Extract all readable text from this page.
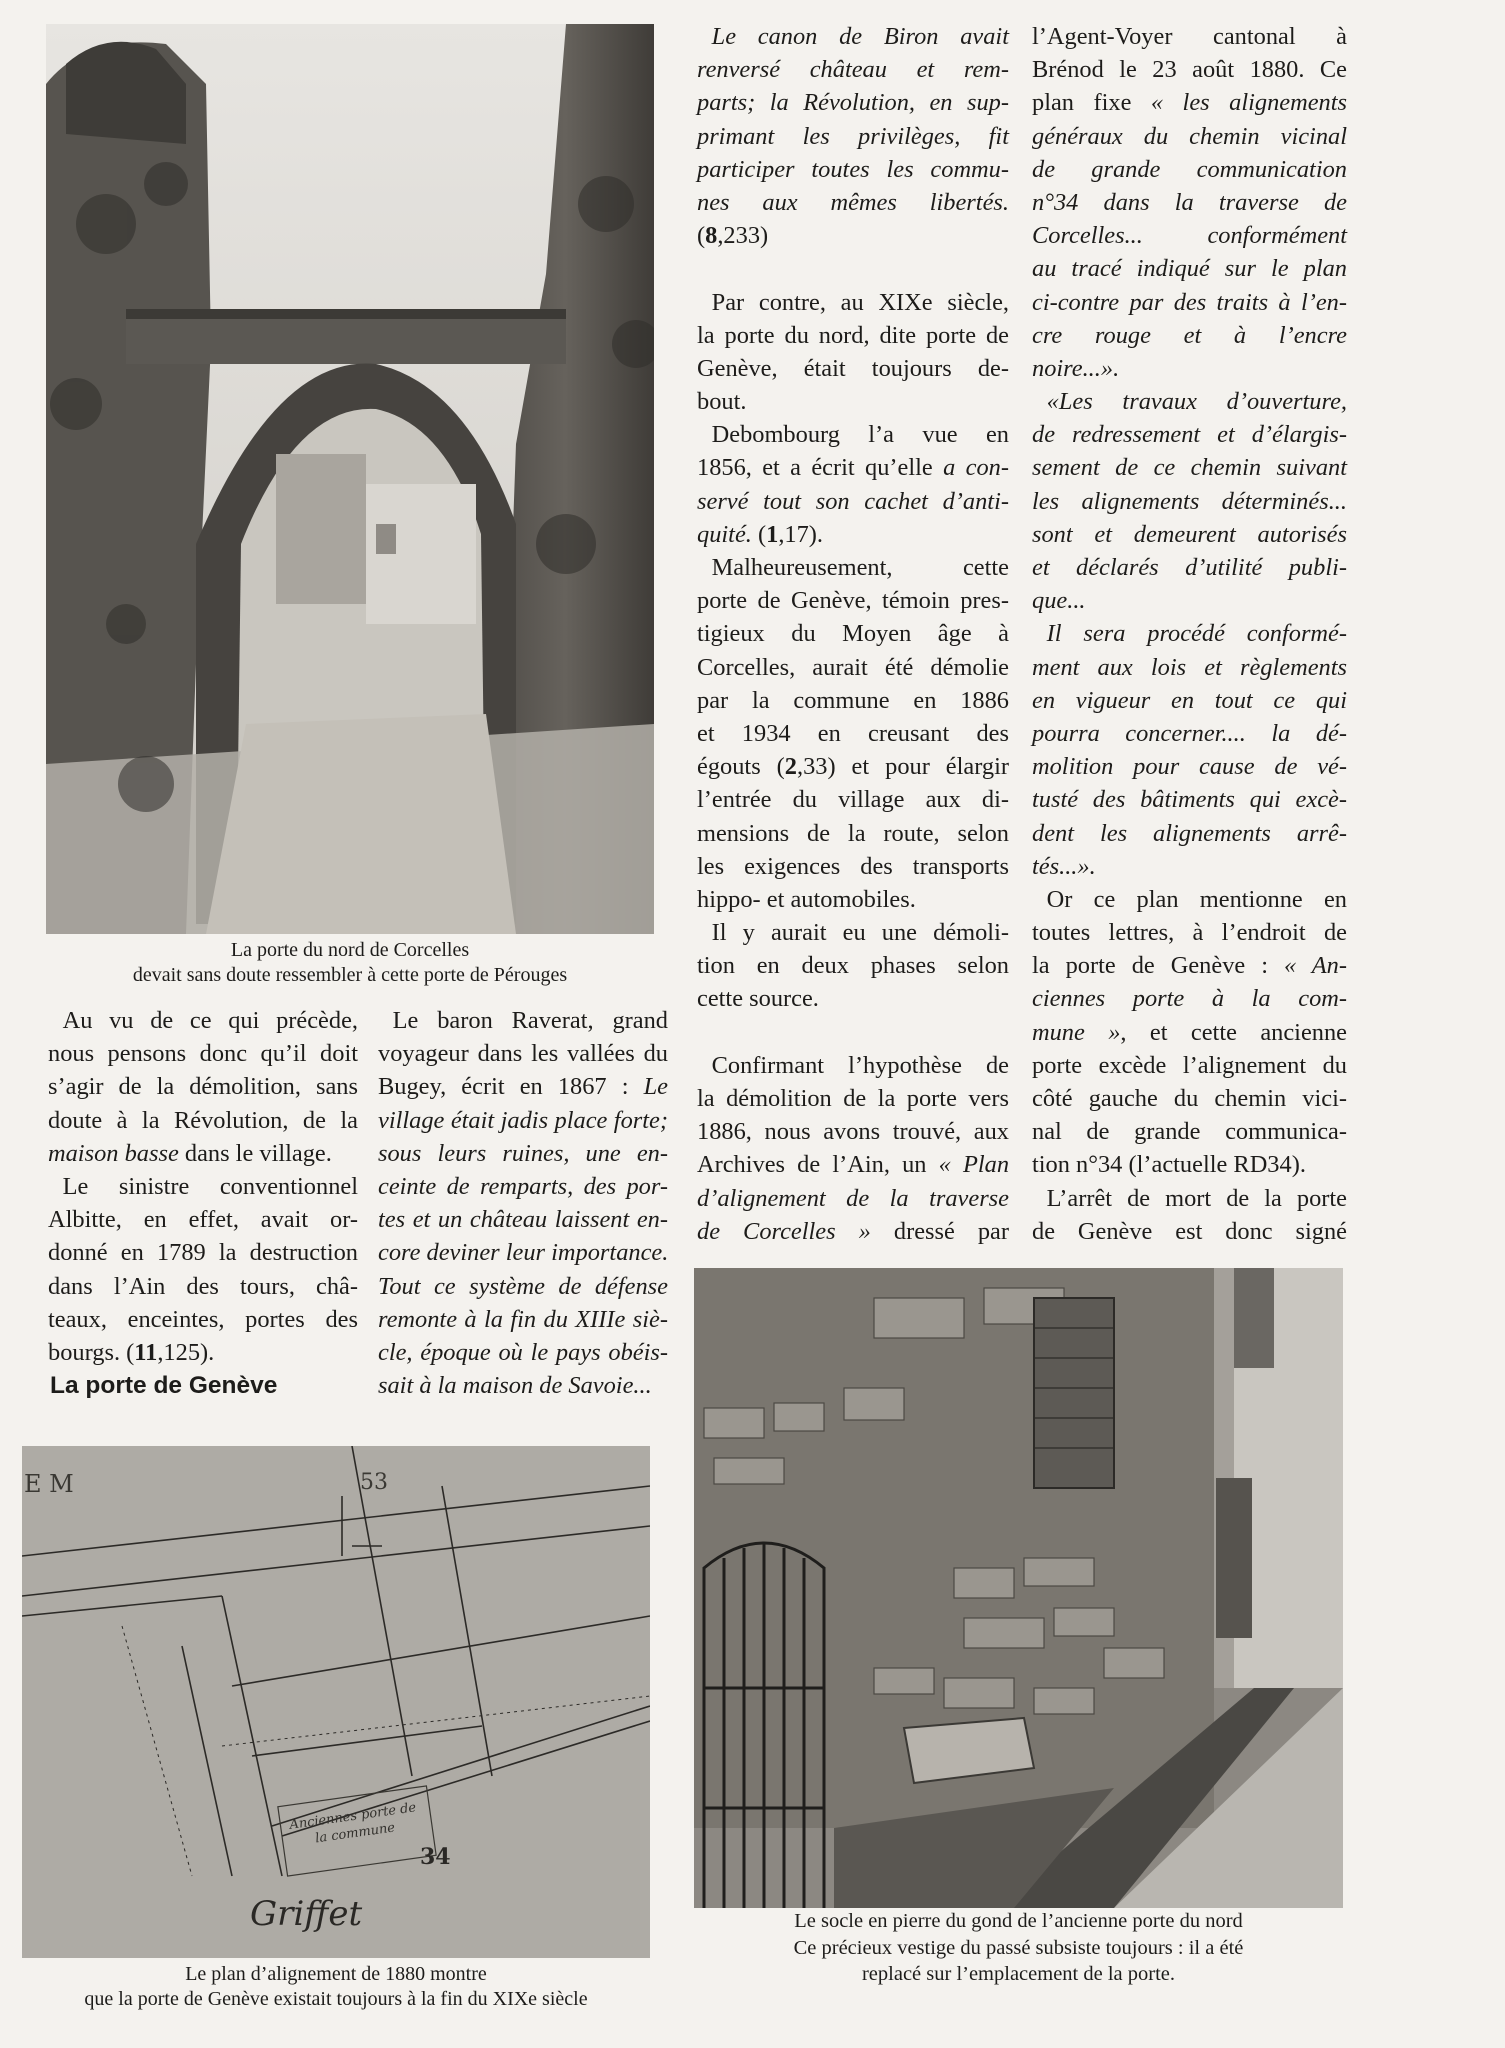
La porte du nord de Corcelles
devait sans doute ressembler à cette porte de Pérouges
Au vu de ce qui précède,
nous pensons donc qu’il doit
s’agir de la démolition, sans
doute à la Révolution, de la
maison basse dans le village.
Le sinistre conventionnel
Albitte, en effet, avait or-
donné en 1789 la destruction
dans l’Ain des tours, châ-
teaux, enceintes, portes des
bourgs. (11,125).
La porte de Genève
Le baron Raverat, grand
voyageur dans les vallées du
Bugey, écrit en 1867 : Le
village était jadis place forte;
sous leurs ruines, une en-
ceinte de remparts, des por-
tes et un château laissent en-
core deviner leur importance.
Tout ce système de défense
remonte à la fin du XIIIe siè-
cle, époque où le pays obéis-
sait à la maison de Savoie...
Le canon de Biron avait
renversé château et rem-
parts; la Révolution, en sup-
primant les privilèges, fit
participer toutes les commu-
nes aux mêmes libertés.
(8,233)
Par contre, au XIXe siècle,
la porte du nord, dite porte de
Genève, était toujours de-
bout.
Debombourg l’a vue en
1856, et a écrit qu’elle a con-
servé tout son cachet d’anti-
quité. (1,17).
Malheureusement, cette
porte de Genève, témoin pres-
tigieux du Moyen âge à
Corcelles, aurait été démolie
par la commune en 1886
et 1934 en creusant des
égouts (2,33) et pour élargir
l’entrée du village aux di-
mensions de la route, selon
les exigences des transports
hippo- et automobiles.
Il y aurait eu une démoli-
tion en deux phases selon
cette source.
Confirmant l’hypothèse de
la démolition de la porte vers
1886, nous avons trouvé, aux
Archives de l’Ain, un « Plan
d’alignement de la traverse
de Corcelles » dressé par
l’Agent-Voyer cantonal à
Brénod le 23 août 1880. Ce
plan fixe « les alignements
généraux du chemin vicinal
de grande communication
n°34 dans la traverse de
Corcelles... conformément
au tracé indiqué sur le plan
ci-contre par des traits à l’en-
cre rouge et à l’encre
noire...».
«Les travaux d’ouverture,
de redressement et d’élargis-
sement de ce chemin suivant
les alignements déterminés...
sont et demeurent autorisés
et déclarés d’utilité publi-
que...
Il sera procédé conformé-
ment aux lois et règlements
en vigueur en tout ce qui
pourra concerner.... la dé-
molition pour cause de vé-
tusté des bâtiments qui excè-
dent les alignements arrê-
tés...».
Or ce plan mentionne en
toutes lettres, à l’endroit de
la porte de Genève : « An-
ciennes porte à la com-
mune », et cette ancienne
porte excède l’alignement du
côté gauche du chemin vici-
nal de grande communica-
tion n°34 (l’actuelle RD34).
L’arrêt de mort de la porte
de Genève est donc signé
E M	53
34
Anciennes porte de la commune
Griffet
Le plan d’alignement de 1880 montre
que la porte de Genève existait toujours à la fin du XIXe siècle
Le socle en pierre du gond de l’ancienne porte du nord
Ce précieux vestige du passé subsiste toujours : il a été
replacé sur l’emplacement de la porte.
